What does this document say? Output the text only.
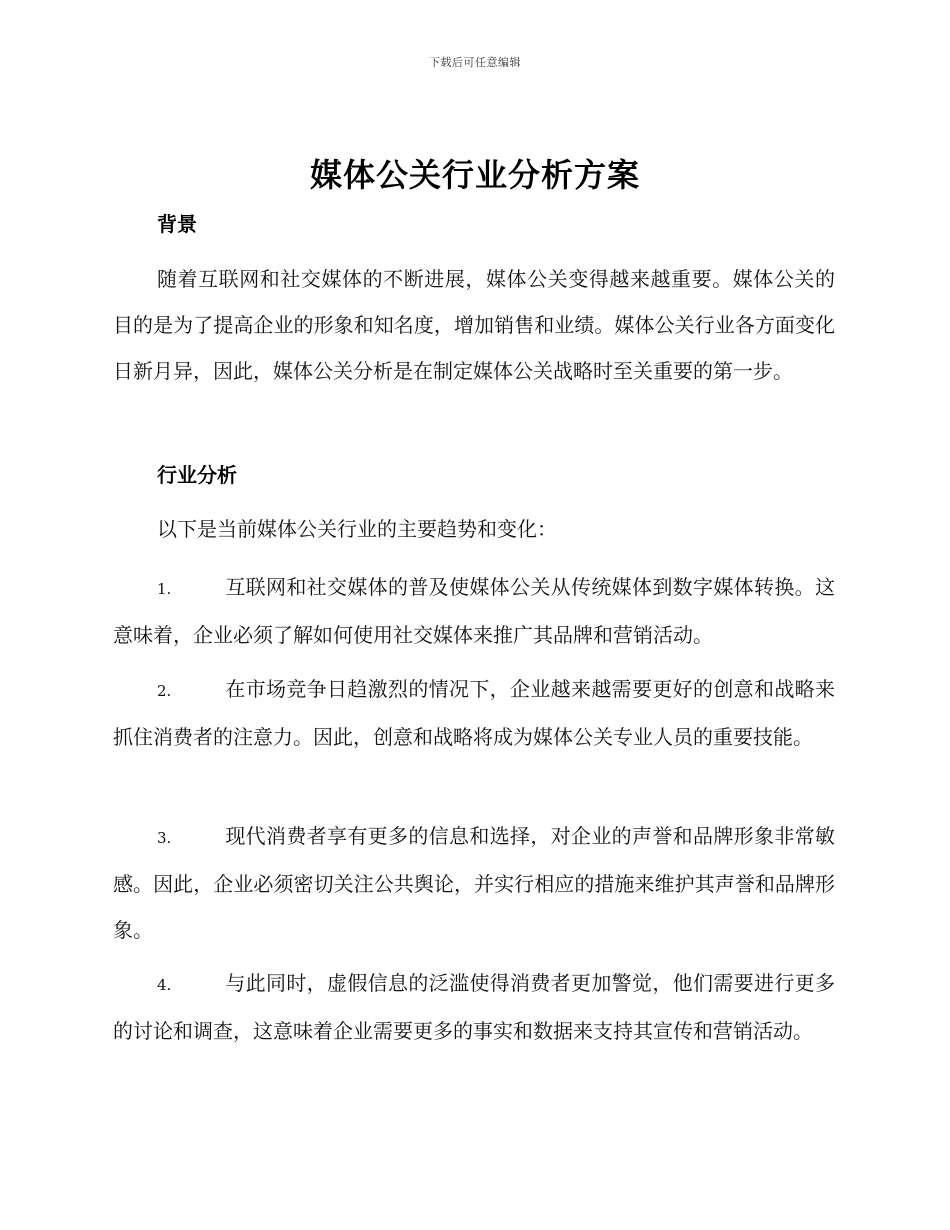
下载后可任意编辑
媒体公关行业分析方案
背景
随着互联网和社交媒体的不断进展，媒体公关变得越来越重要。媒体公关的目的是为了提高企业的形象和知名度，增加销售和业绩。媒体公关行业各方面变化日新月异，因此，媒体公关分析是在制定媒体公关战略时至关重要的第一步。
行业分析
以下是当前媒体公关行业的主要趋势和变化：
1.	互联网和社交媒体的普及使媒体公关从传统媒体到数字媒体转换。这意味着，企业必须了解如何使用社交媒体来推广其品牌和营销活动。
2.	在市场竞争日趋激烈的情况下，企业越来越需要更好的创意和战略来抓住消费者的注意力。因此，创意和战略将成为媒体公关专业人员的重要技能。
3.	现代消费者享有更多的信息和选择，对企业的声誉和品牌形象非常敏感。因此，企业必须密切关注公共舆论，并实行相应的措施来维护其声誉和品牌形象。
4.	与此同时，虚假信息的泛滥使得消费者更加警觉，他们需要进行更多的讨论和调查，这意味着企业需要更多的事实和数据来支持其宣传和营销活动。
